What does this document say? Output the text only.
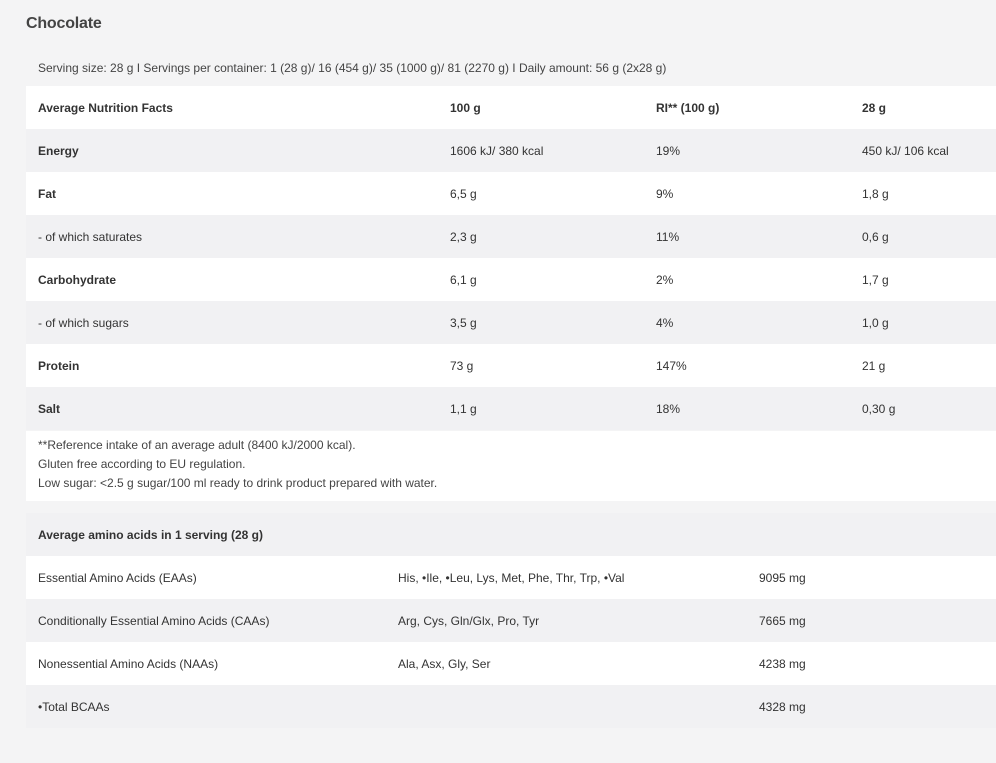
Chocolate
Serving size: 28 g I Servings per container: 1 (28 g)/ 16 (454 g)/ 35 (1000 g)/ 81 (2270 g) I Daily amount: 56 g (2x28 g)
Average Nutrition Facts	100 g	RI** (100 g)	28 g
Energy	1606 kJ/ 380 kcal	19%	450 kJ/ 106 kcal
Fat	6,5 g	9%	1,8 g
- of which saturates	2,3 g	11%	0,6 g
Carbohydrate	6,1 g	2%	1,7 g
- of which sugars	3,5 g	4%	1,0 g
Protein	73 g	147%	21 g
Salt	1,1 g	18%	0,30 g
**Reference intake of an average adult (8400 kJ/2000 kcal).
Gluten free according to EU regulation.
Low sugar: <2.5 g sugar/100 ml ready to drink product prepared with water.
Average amino acids in 1 serving (28 g)		
Essential Amino Acids (EAAs)	His, •Ile, •Leu, Lys, Met, Phe, Thr, Trp, •Val	9095 mg
Conditionally Essential Amino Acids (CAAs)	Arg, Cys, Gln/Glx, Pro, Tyr	7665 mg
Nonessential Amino Acids (NAAs)	Ala, Asx, Gly, Ser	4238 mg
•Total BCAAs		4328 mg
